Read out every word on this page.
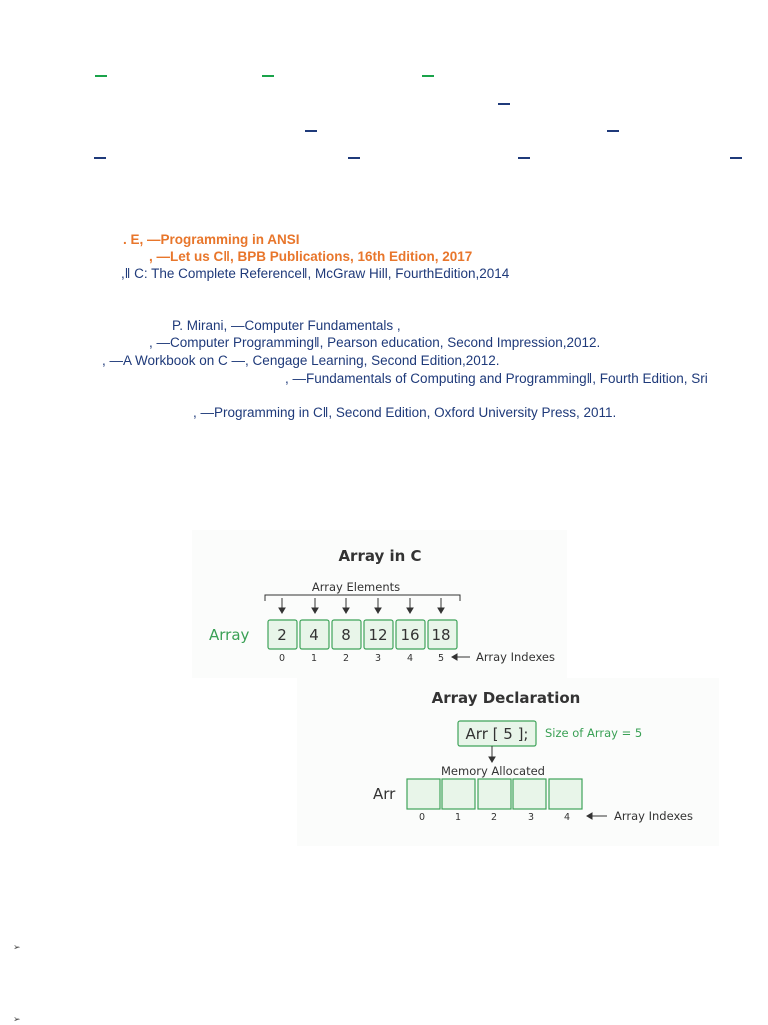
. E, —Programming in ANSI
, —Let us C‖, BPB Publications, 16th Edition, 2017
,‖ C: The Complete Reference‖, McGraw Hill, FourthEdition,2014
P. Mirani, —Computer Fundamentals ,
, —Computer Programming‖, Pearson education, Second Impression,2012.
, —A Workbook on C —, Cengage Learning, Second Edition,2012.
, —Fundamentals of Computing and Programming‖, Fourth Edition, Sri
, —Programming in C‖, Second Edition, Oxford University Press, 2011.
Array in C
Array Elements
Array 2 4 8 12 16 18
0	1	2	3	4	5	Array Indexes
Array Declaration
Arr [ 5 ]; Size of Array = 5
Memory Allocated
Arr
0	1	2	3	4	Array Indexes
➢
➢
